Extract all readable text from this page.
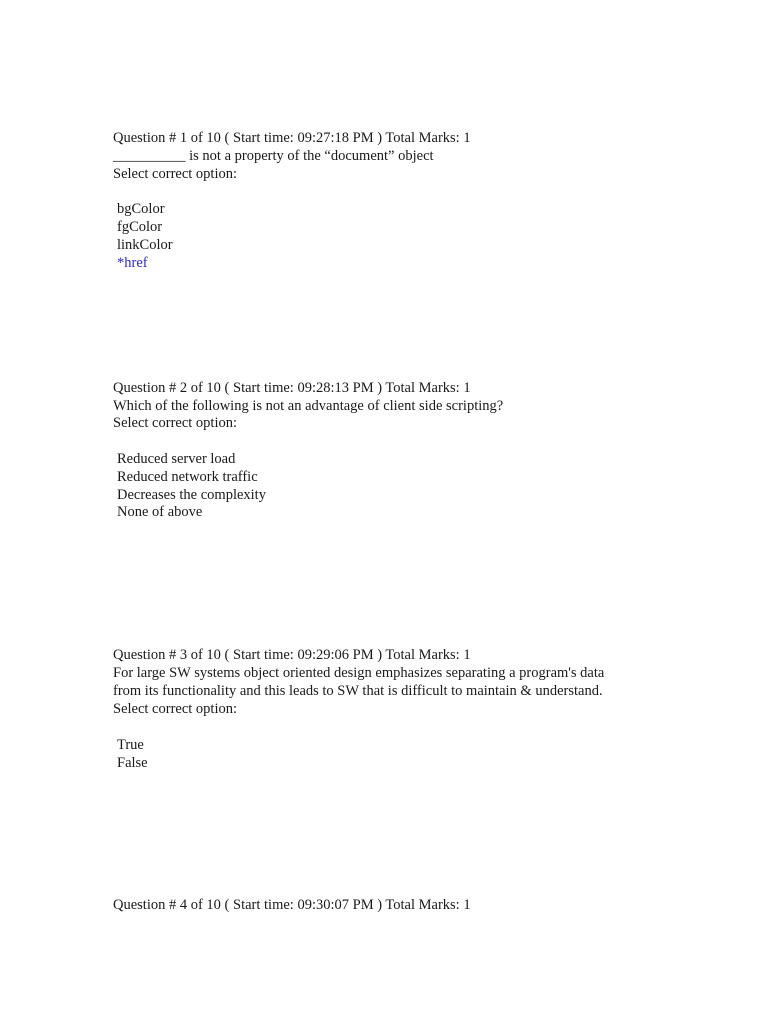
Question # 1 of 10 ( Start time: 09:27:18 PM ) Total Marks: 1
__________ is not a property of the “document” object
Select correct option:
bgColor
fgColor
linkColor
*href
Question # 2 of 10 ( Start time: 09:28:13 PM ) Total Marks: 1
Which of the following is not an advantage of client side scripting?
Select correct option:
Reduced server load
Reduced network traffic
Decreases the complexity
None of above
Question # 3 of 10 ( Start time: 09:29:06 PM ) Total Marks: 1
For large SW systems object oriented design emphasizes separating a program's data
from its functionality and this leads to SW that is difficult to maintain & understand.
Select correct option:
True
False
Question # 4 of 10 ( Start time: 09:30:07 PM ) Total Marks: 1
